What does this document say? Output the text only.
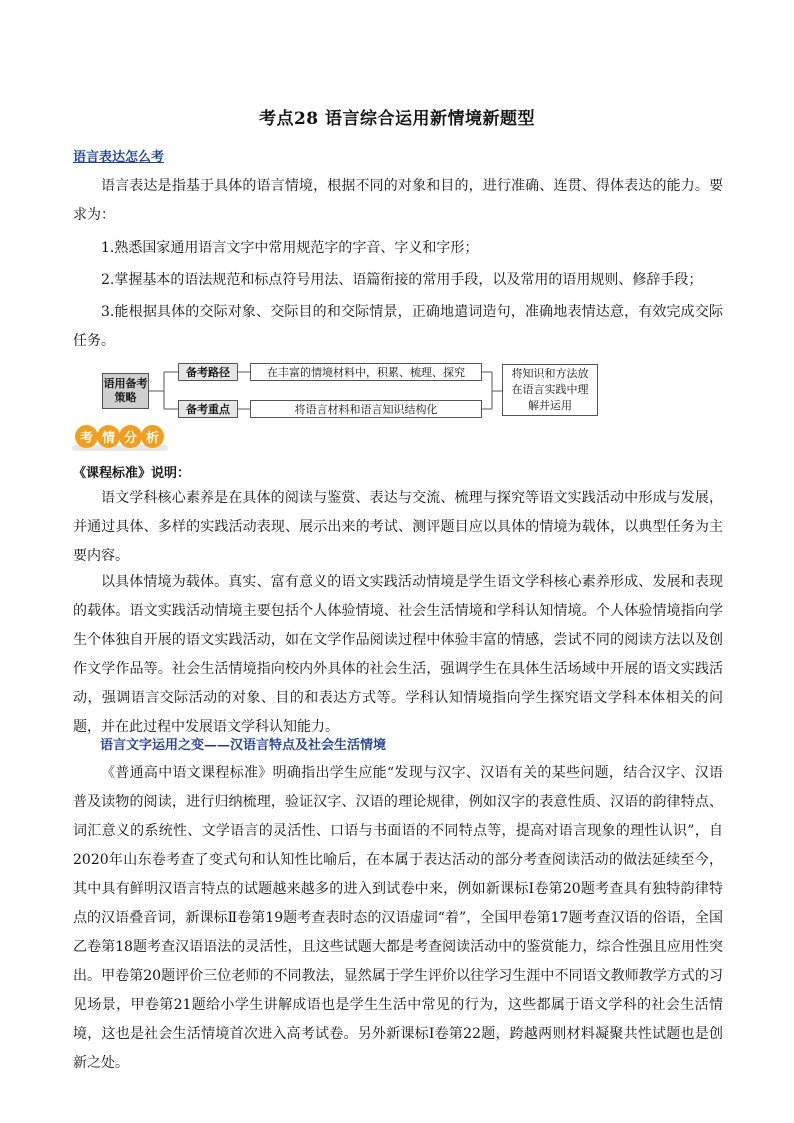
考点28 语言综合运用新情境新题型
语言表达怎么考
语言表达是指基于具体的语言情境，根据不同的对象和目的，进行准确、连贯、得体表达的能力。要求为：
1.熟悉国家通用语言文字中常用规范字的字音、字义和字形；
2.掌握基本的语法规范和标点符号用法、语篇衔接的常用手段，以及常用的语用规则、修辞手段；
3.能根据具体的交际对象、交际目的和交际情景，正确地遣词造句，准确地表情达意，有效完成交际任务。
语用备考策略
备考路径	在丰富的情境材料中，积累、梳理、探究
备考重点	将语言材料和语言知识结构化
将知识和方法放在语言实践中理解并运用
考 情 分 析
《课程标准》说明：
语文学科核心素养是在具体的阅读与鉴赏、表达与交流、梳理与探究等语文实践活动中形成与发展，并通过具体、多样的实践活动表现、展示出来的考试、测评题目应以具体的情境为载体，以典型任务为主要内容。
以具体情境为载体。真实、富有意义的语文实践活动情境是学生语文学科核心素养形成、发展和表现的载体。语文实践活动情境主要包括个人体验情境、社会生活情境和学科认知情境。个人体验情境指向学生个体独自开展的语文实践活动，如在文学作品阅读过程中体验丰富的情感，尝试不同的阅读方法以及创作文学作品等。社会生活情境指向校内外具体的社会生活，强调学生在具体生活场域中开展的语文实践活动，强调语言交际活动的对象、目的和表达方式等。学科认知情境指向学生探究语文学科本体相关的问题，并在此过程中发展语文学科认知能力。
语言文字运用之变——汉语言特点及社会生活情境
《普通高中语文课程标准》明确指出学生应能“发现与汉字、汉语有关的某些问题，结合汉字、汉语普及读物的阅读，进行归纳梳理，验证汉字、汉语的理论规律，例如汉字的表意性质、汉语的韵律特点、词汇意义的系统性、文学语言的灵活性、口语与书面语的不同特点等，提高对语言现象的理性认识”，自2020年山东卷考查了变式句和认知性比喻后，在本属于表达活动的部分考查阅读活动的做法延续至今，其中具有鲜明汉语言特点的试题越来越多的进入到试卷中来，例如新课标Ⅰ卷第20题考查具有独特韵律特点的汉语叠音词，新课标Ⅱ卷第19题考查表时态的汉语虚词“着”，全国甲卷第17题考查汉语的俗语，全国乙卷第18题考查汉语语法的灵活性，且这些试题大都是考查阅读活动中的鉴赏能力，综合性强且应用性突出。甲卷第20题评价三位老师的不同教法，显然属于学生评价以往学习生涯中不同语文教师教学方式的习见场景，甲卷第21题给小学生讲解成语也是学生生活中常见的行为，这些都属于语文学科的社会生活情境，这也是社会生活情境首次进入高考试卷。另外新课标Ⅰ卷第22题，跨越两则材料凝聚共性试题也是创新之处。
